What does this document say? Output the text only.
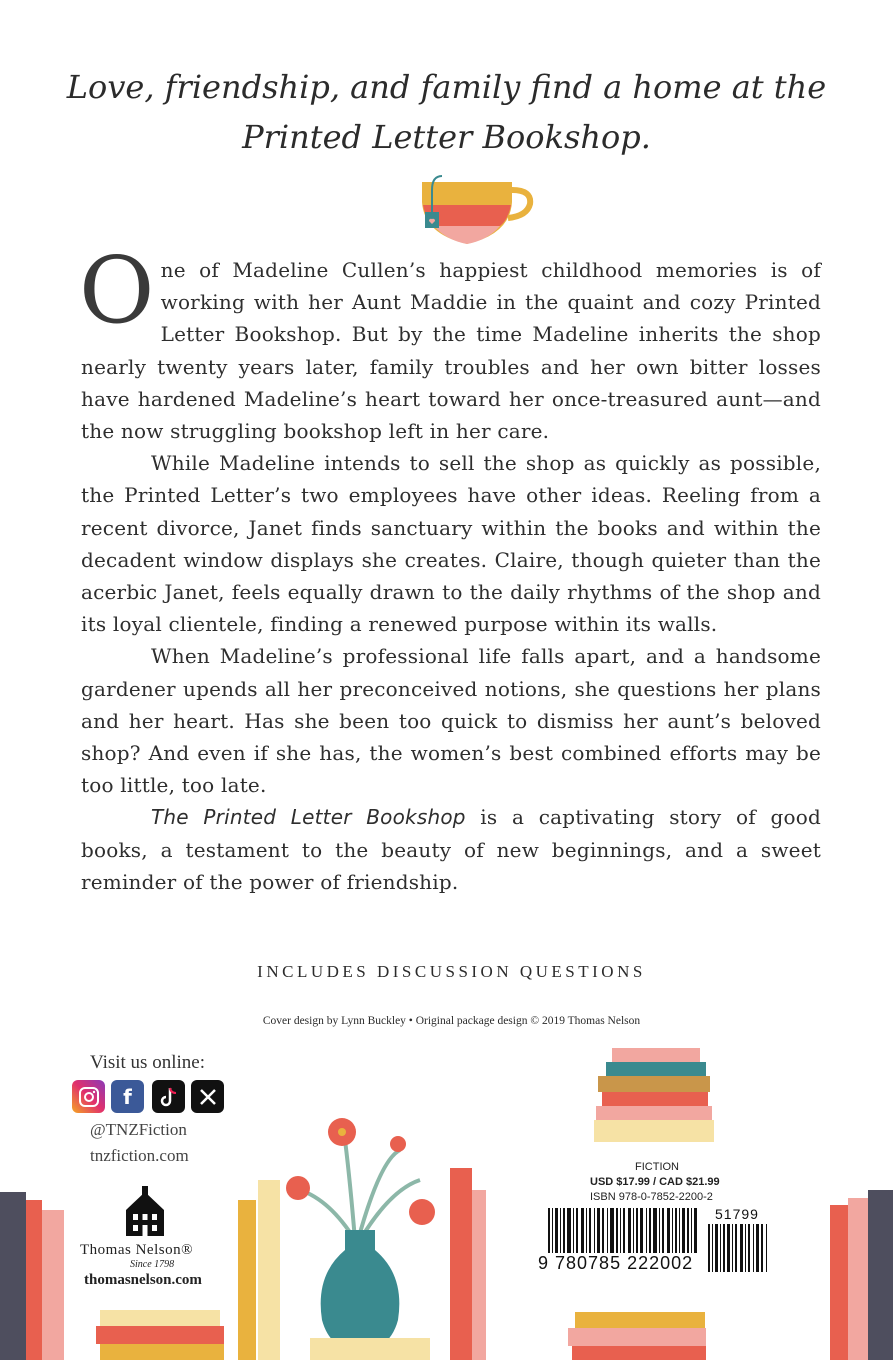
Love, friendship, and family find a home at the
Printed Letter Bookshop.

One of Madeline Cullen’s happiest childhood memories is of working with her Aunt Maddie in the quaint and cozy Printed Letter Bookshop. But by the time Madeline inherits the shop nearly twenty years later, family troubles and her own bitter losses have hardened Madeline’s heart toward her once-treasured aunt—and the now struggling bookshop left in her care.

While Madeline intends to sell the shop as quickly as possible, the Printed Letter’s two employees have other ideas. Reeling from a recent divorce, Janet finds sanctuary within the books and within the decadent window displays she creates. Claire, though quieter than the acerbic Janet, feels equally drawn to the daily rhythms of the shop and its loyal clientele, finding a renewed purpose within its walls.

When Madeline’s professional life falls apart, and a handsome gardener upends all her preconceived notions, she questions her plans and her heart. Has she been too quick to dismiss her aunt’s beloved shop? And even if she has, the women’s best combined efforts may be too little, too late.

The Printed Letter Bookshop is a captivating story of good books, a testament to the beauty of new beginnings, and a sweet reminder of the power of friendship.

INCLUDES DISCUSSION QUESTIONS
Cover design by Lynn Buckley • Original package design © 2019 Thomas Nelson
Visit us online:
f
@TNZFiction
tnzfiction.com
Thomas Nelson®
Since 1798
thomasnelson.com
FICTION
USD $17.99 / CAD $21.99
ISBN 978-0-7852-2200-2
51799
9 780785 222002
